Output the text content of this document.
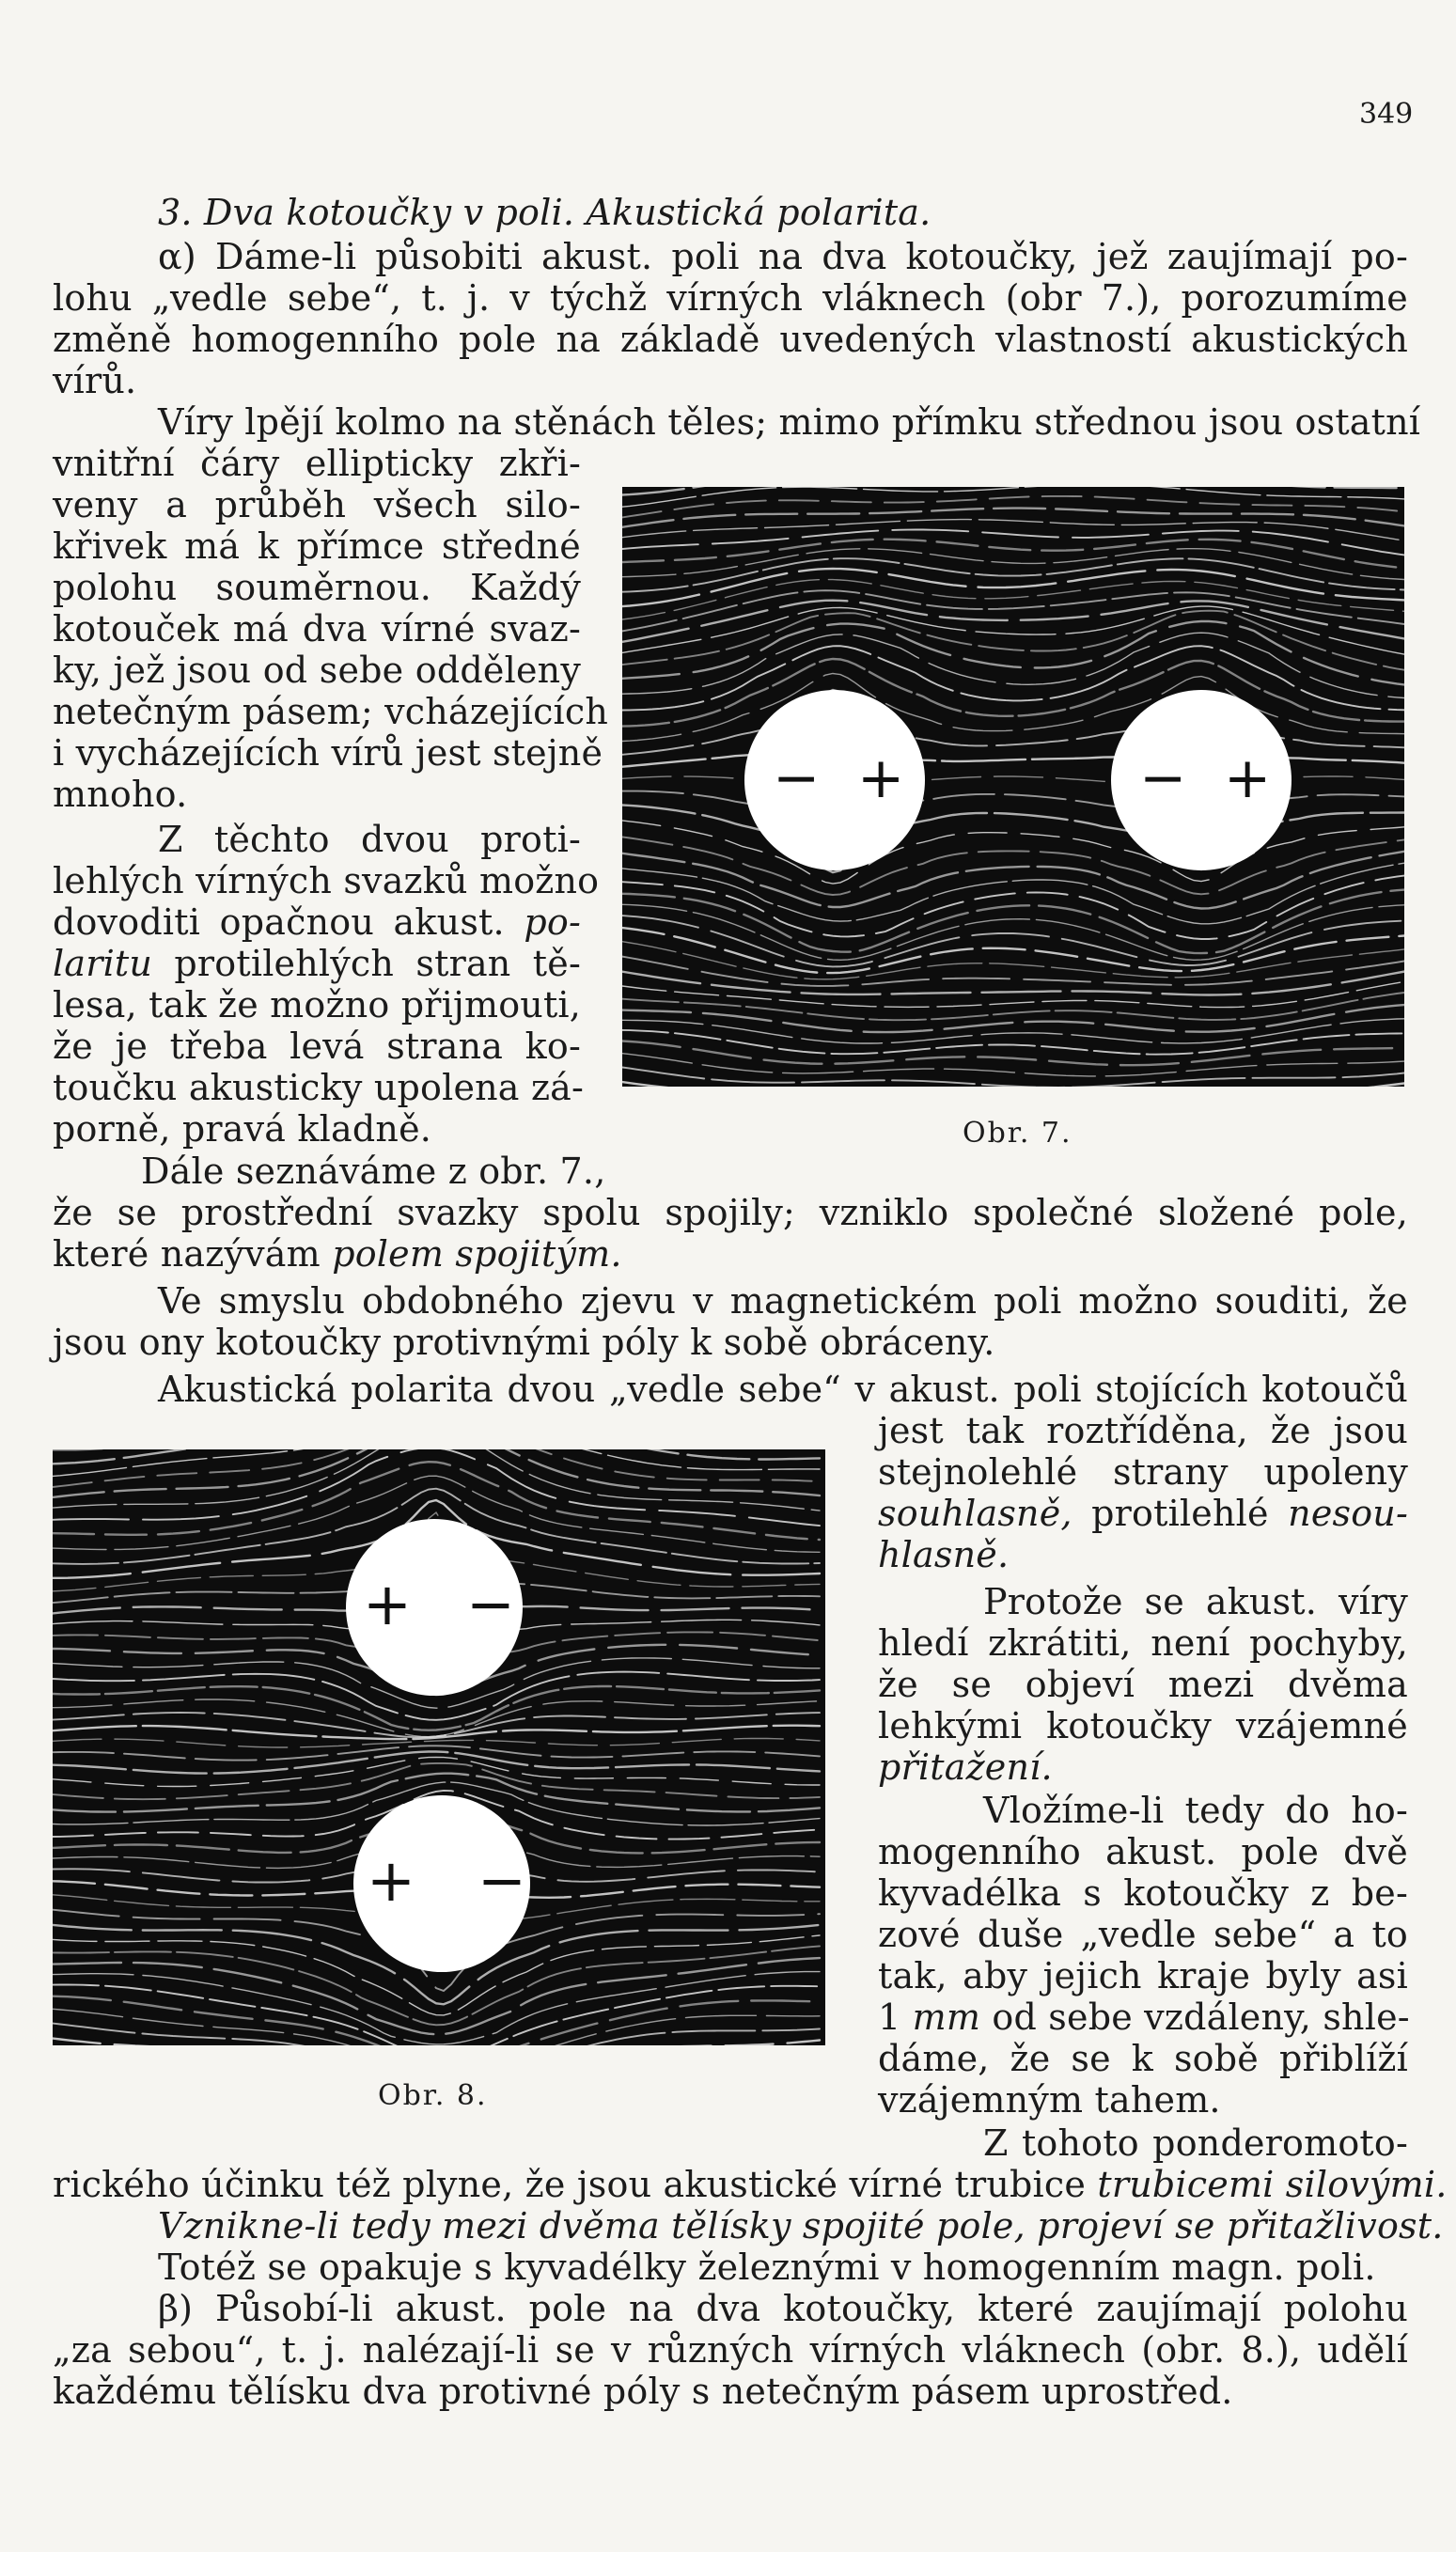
349
3. Dva kotoučky v poli. Akustická polarita.
α) Dáme-li působiti akust. poli na dva kotoučky, jež zaujímají po-
lohu „vedle sebe“, t. j. v týchž vírných vláknech (obr 7.), porozumíme
změně homogenního pole na základě uvedených vlastností akustických
vírů.
Víry lpějí kolmo na stěnách těles; mimo přímku střednou jsou ostatní
vnitřní čáry ellipticky zkři-
veny a průběh všech silo-
křivek má k přímce středné
polohu souměrnou. Každý
kotouček má dva vírné svaz-
ky, jež jsou od sebe odděleny
netečným pásem; vcházejících
i vycházejících vírů jest stejně
mnoho.
Z těchto dvou proti-
lehlých vírných svazků možno
dovoditi opačnou akust. po-
laritu protilehlých stran tě-
lesa, tak že možno přijmouti,
že je třeba levá strana ko-
toučku akusticky upolena zá-
porně, pravá kladně.
− +	− +
Obr. 7.
Dále seznáváme z obr. 7.,
že se prostřední svazky spolu spojily; vzniklo společné složené pole,
které nazývám polem spojitým.
Ve smyslu obdobného zjevu v magnetickém poli možno souditi, že
jsou ony kotoučky protivnými póly k sobě obráceny.
Akustická polarita dvou „vedle sebe“ v akust. poli stojících kotoučů
jest tak roztříděna, že jsou
stejnolehlé strany upoleny
souhlasně, protilehlé nesou-
hlasně.
+ −
+ −
Obr. 8.
Protože se akust. víry
hledí zkrátiti, není pochyby,
že se objeví mezi dvěma
lehkými kotoučky vzájemné
přitažení.
Vložíme-li tedy do ho-
mogenního akust. pole dvě
kyvadélka s kotoučky z be-
zové duše „vedle sebe“ a to
tak, aby jejich kraje byly asi
1 mm od sebe vzdáleny, shle-
dáme, že se k sobě přiblíží
vzájemným tahem.
Z tohoto ponderomoto-
rického účinku též plyne, že jsou akustické vírné trubice trubicemi silovými.
Vznikne-li tedy mezi dvěma tělísky spojité pole, projeví se přitažlivost.
Totéž se opakuje s kyvadélky železnými v homogenním magn. poli.
β) Působí-li akust. pole na dva kotoučky, které zaujímají polohu
„za sebou“, t. j. nalézají-li se v různých vírných vláknech (obr. 8.), udělí
každému tělísku dva protivné póly s netečným pásem uprostřed.
